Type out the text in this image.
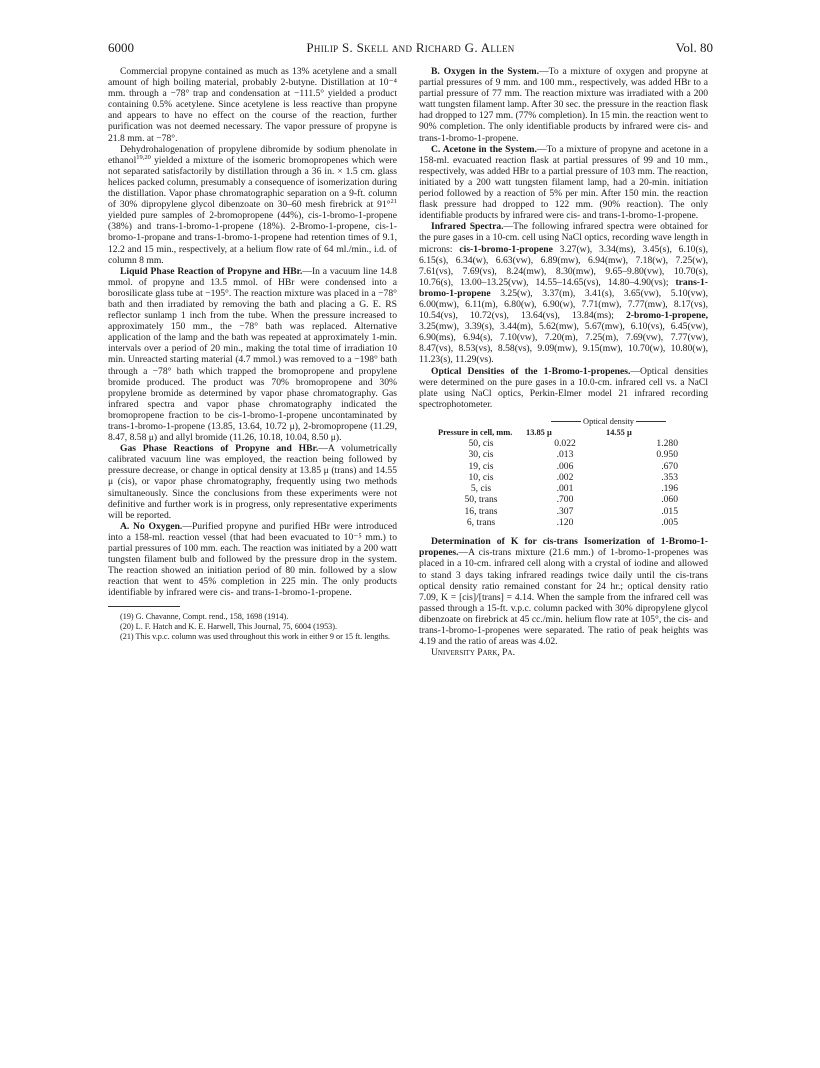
6000	Philip S. Skell and Richard G. Allen	Vol. 80

Commercial propyne contained as much as 13% acetylene and a small amount of high boiling material, probably 2-butyne. Distillation at 10⁻⁴ mm. through a −78° trap and condensation at −111.5° yielded a product containing 0.5% acetylene. Since acetylene is less reactive than propyne and appears to have no effect on the course of the reaction, further purification was not deemed necessary. The vapor pressure of propyne is 21.8 mm. at −78°.

Dehydrohalogenation of propylene dibromide by sodium phenolate in ethanol$^{19,20}$ yielded a mixture of the isomeric bromopropenes which were not separated satisfactorily by distillation through a 36 in. × 1.5 cm. glass helices packed column, presumably a consequence of isomerization during the distillation. Vapor phase chromatographic separation on a 9-ft. column of 30% dipropylene glycol dibenzoate on 30–60 mesh firebrick at 91°$^{21}$ yielded pure samples of 2-bromopropene (44%), cis-1-bromo-1-propene (38%) and trans-1-bromo-1-propene (18%). 2-Bromo-1-propene, cis-1-bromo-1-propane and trans-1-bromo-1-propene had retention times of 9.1, 12.2 and 15 min., respectively, at a helium flow rate of 64 ml./min., i.d. of column 8 mm.

Liquid Phase Reaction of Propyne and HBr.—In a vacuum line 14.8 mmol. of propyne and 13.5 mmol. of HBr were condensed into a borosilicate glass tube at −195°. The reaction mixture was placed in a −78° bath and then irradiated by removing the bath and placing a G. E. RS reflector sunlamp 1 inch from the tube. When the pressure increased to approximately 150 mm., the −78° bath was replaced. Alternative application of the lamp and the bath was repeated at approximately 1-min. intervals over a period of 20 min., making the total time of irradiation 10 min. Unreacted starting material (4.7 mmol.) was removed to a −198° bath through a −78° bath which trapped the bromopropene and propylene bromide produced. The product was 70% bromopropene and 30% propylene bromide as determined by vapor phase chromatography. Gas infrared spectra and vapor phase chromatography indicated the bromopropene fraction to be cis-1-bromo-1-propene uncontaminated by trans-1-bromo-1-propene (13.85, 13.64, 10.72 μ), 2-bromopropene (11.29, 8.47, 8.58 μ) and allyl bromide (11.26, 10.18, 10.04, 8.50 μ).

Gas Phase Reactions of Propyne and HBr.—A volumetrically calibrated vacuum line was employed, the reaction being followed by pressure decrease, or change in optical density at 13.85 μ (trans) and 14.55 μ (cis), or vapor phase chromatography, frequently using two methods simultaneously. Since the conclusions from these experiments were not definitive and further work is in progress, only representative experiments will be reported.

A. No Oxygen.—Purified propyne and purified HBr were introduced into a 158-ml. reaction vessel (that had been evacuated to 10⁻⁵ mm.) to partial pressures of 100 mm. each. The reaction was initiated by a 200 watt tungsten filament bulb and followed by the pressure drop in the system. The reaction showed an initiation period of 80 min. followed by a slow reaction that went to 45% completion in 225 min. The only products identifiable by infrared were cis- and trans-1-bromo-1-propene.

(19) G. Chavanne, Compt. rend., 158, 1698 (1914).

(20) L. F. Hatch and K. E. Harwell, This Journal, 75, 6004 (1953).

(21) This v.p.c. column was used throughout this work in either 9 or 15 ft. lengths.

B. Oxygen in the System.—To a mixture of oxygen and propyne at partial pressures of 9 mm. and 100 mm., respectively, was added HBr to a partial pressure of 77 mm. The reaction mixture was irradiated with a 200 watt tungsten filament lamp. After 30 sec. the pressure in the reaction flask had dropped to 127 mm. (77% completion). In 15 min. the reaction went to 90% completion. The only identifiable products by infrared were cis- and trans-1-bromo-1-propene.

C. Acetone in the System.—To a mixture of propyne and acetone in a 158-ml. evacuated reaction flask at partial pressures of 99 and 10 mm., respectively, was added HBr to a partial pressure of 103 mm. The reaction, initiated by a 200 watt tungsten filament lamp, had a 20-min. initiation period followed by a reaction of 5% per min. After 150 min. the reaction flask pressure had dropped to 122 mm. (90% reaction). The only identifiable products by infrared were cis- and trans-1-bromo-1-propene.

Infrared Spectra.—The following infrared spectra were obtained for the pure gases in a 10-cm. cell using NaCl optics, recording wave length in microns: cis-1-bromo-1-propene 3.27(w), 3.34(ms), 3.45(s), 6.10(s), 6.15(s), 6.34(w), 6.63(vw), 6.89(mw), 6.94(mw), 7.18(w), 7.25(w), 7.61(vs), 7.69(vs), 8.24(mw), 8.30(mw), 9.65–9.80(vw), 10.70(s), 10.76(s), 13.00–13.25(vw), 14.55–14.65(vs), 14.80–4.90(vs); trans-1-bromo-1-propene 3.25(w), 3.37(m), 3.41(s), 3.65(vw), 5.10(vw), 6.00(mw), 6.11(m), 6.80(w), 6.90(w), 7.71(mw), 7.77(mw), 8.17(vs), 10.54(vs), 10.72(vs), 13.64(vs), 13.84(ms); 2-bromo-1-propene, 3.25(mw), 3.39(s), 3.44(m), 5.62(mw), 5.67(mw), 6.10(vs), 6.45(vw), 6.90(ms), 6.94(s), 7.10(vw), 7.20(m), 7.25(m), 7.69(vw), 7.77(vw), 8.47(vs), 8.53(vs), 8.58(vs), 9.09(mw), 9.15(mw), 10.70(w), 10.80(w), 11.23(s), 11.29(vs).

Optical Densities of the 1-Bromo-1-propenes.—Optical densities were determined on the pure gases in a 10.0-cm. infrared cell vs. a NaCl plate using NaCl optics, Perkin-Elmer model 21 infrared recording spectrophotometer.

Pressure in cell, mm.	Optical density	
	13.85 μ	14.55 μ
50, cis	0.022	1.280
30, cis	.013	0.950
19, cis	.006	.670
10, cis	.002	.353
5, cis	.001	.196
50, trans	.700	.060
16, trans	.307	.015
6, trans	.120	.005

Determination of K for cis-trans Isomerization of 1-Bromo-1-propenes.—A cis-trans mixture (21.6 mm.) of 1-bromo-1-propenes was placed in a 10-cm. infrared cell along with a crystal of iodine and allowed to stand 3 days taking infrared readings twice daily until the cis-trans optical density ratio remained constant for 24 hr.; optical density ratio 7.09, K = [cis]/[trans] = 4.14. When the sample from the infrared cell was passed through a 15-ft. v.p.c. column packed with 30% dipropylene glycol dibenzoate on firebrick at 45 cc./min. helium flow rate at 105°, the cis- and trans-1-bromo-1-propenes were separated. The ratio of peak heights was 4.19 and the ratio of areas was 4.02.

University Park, Pa.
